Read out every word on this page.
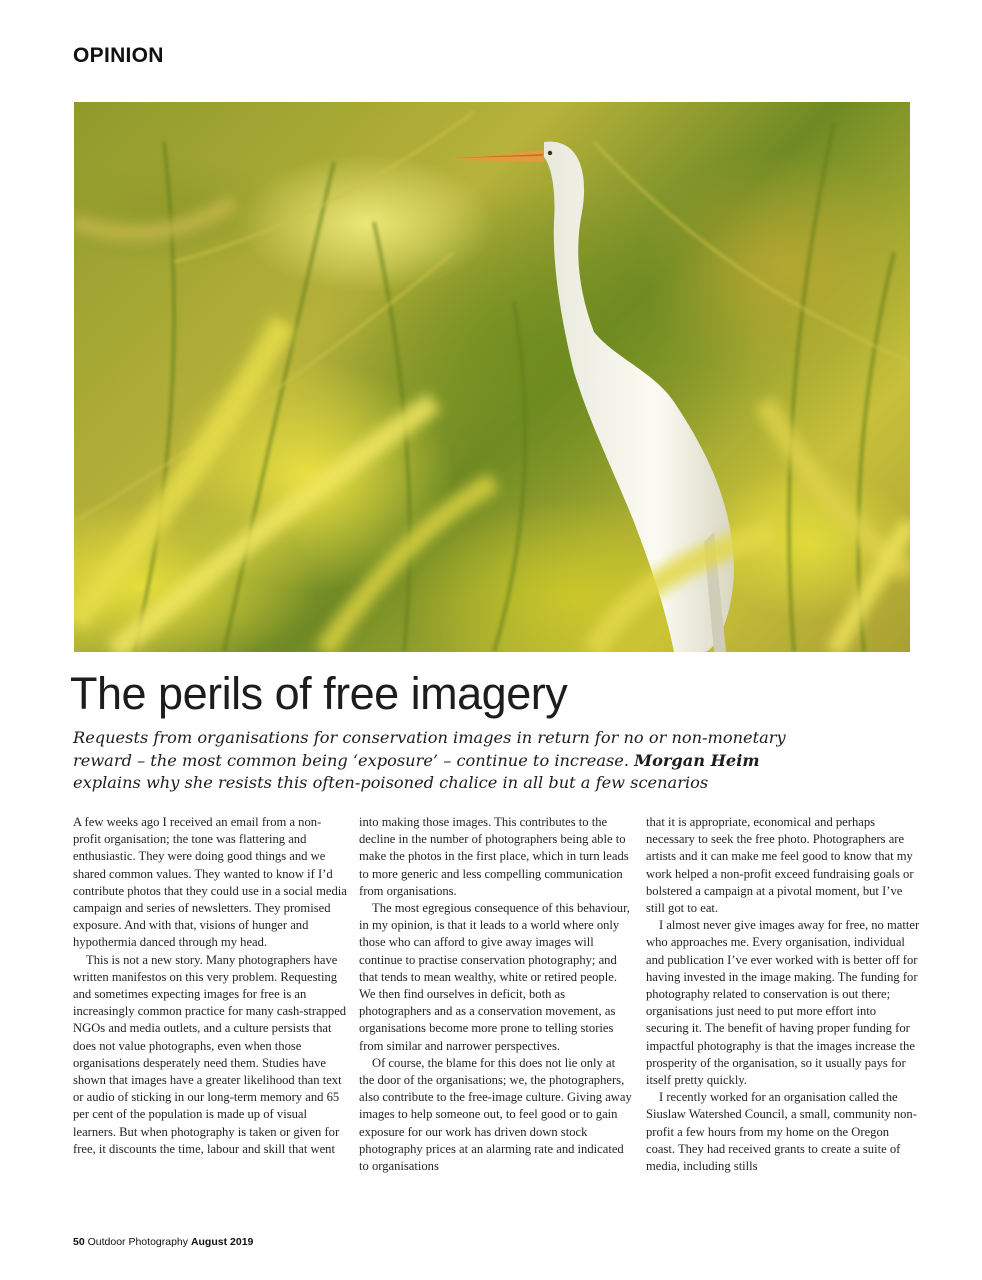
OPINION
The perils of free imagery

Requests from organisations for conservation images in return for no or non-monetary reward – the most common being ‘exposure’ – continue to increase. Morgan Heim explains why she resists this often-poisoned chalice in all but a few scenarios

A few weeks ago I received an email from a non-profit organisation; the tone was flattering and enthusiastic. They were doing good things and we shared common values. They wanted to know if I’d contribute photos that they could use in a social media campaign and series of newsletters. They promised exposure. And with that, visions of hunger and hypothermia danced through my head.

This is not a new story. Many photographers have written manifestos on this very problem. Requesting and sometimes expecting images for free is an increasingly common practice for many cash-strapped NGOs and media outlets, and a culture persists that does not value photographs, even when those organisations desperately need them. Studies have shown that images have a greater likelihood than text or audio of sticking in our long-term memory and 65 per cent of the population is made up of visual learners. But when photography is taken or given for free, it discounts the time, labour and skill that went

into making those images. This contributes to the decline in the number of photographers being able to make the photos in the first place, which in turn leads to more generic and less compelling communication from organisations.

The most egregious consequence of this behaviour, in my opinion, is that it leads to a world where only those who can afford to give away images will continue to practise conservation photography; and that tends to mean wealthy, white or retired people. We then find ourselves in deficit, both as photographers and as a conservation movement, as organisations become more prone to telling stories from similar and narrower perspectives.

Of course, the blame for this does not lie only at the door of the organisations; we, the photographers, also contribute to the free-image culture. Giving away images to help someone out, to feel good or to gain exposure for our work has driven down stock photography prices at an alarming rate and indicated to organisations

that it is appropriate, economical and perhaps necessary to seek the free photo. Photographers are artists and it can make me feel good to know that my work helped a non-profit exceed fundraising goals or bolstered a campaign at a pivotal moment, but I’ve still got to eat.

I almost never give images away for free, no matter who approaches me. Every organisation, individual and publication I’ve ever worked with is better off for having invested in the image making. The funding for photography related to conservation is out there; organisations just need to put more effort into securing it. The benefit of having proper funding for impactful photography is that the images increase the prosperity of the organisation, so it usually pays for itself pretty quickly.

I recently worked for an organisation called the Siuslaw Watershed Council, a small, community non-profit a few hours from my home on the Oregon coast. They had received grants to create a suite of media, including stills

50 Outdoor Photography August 2019
